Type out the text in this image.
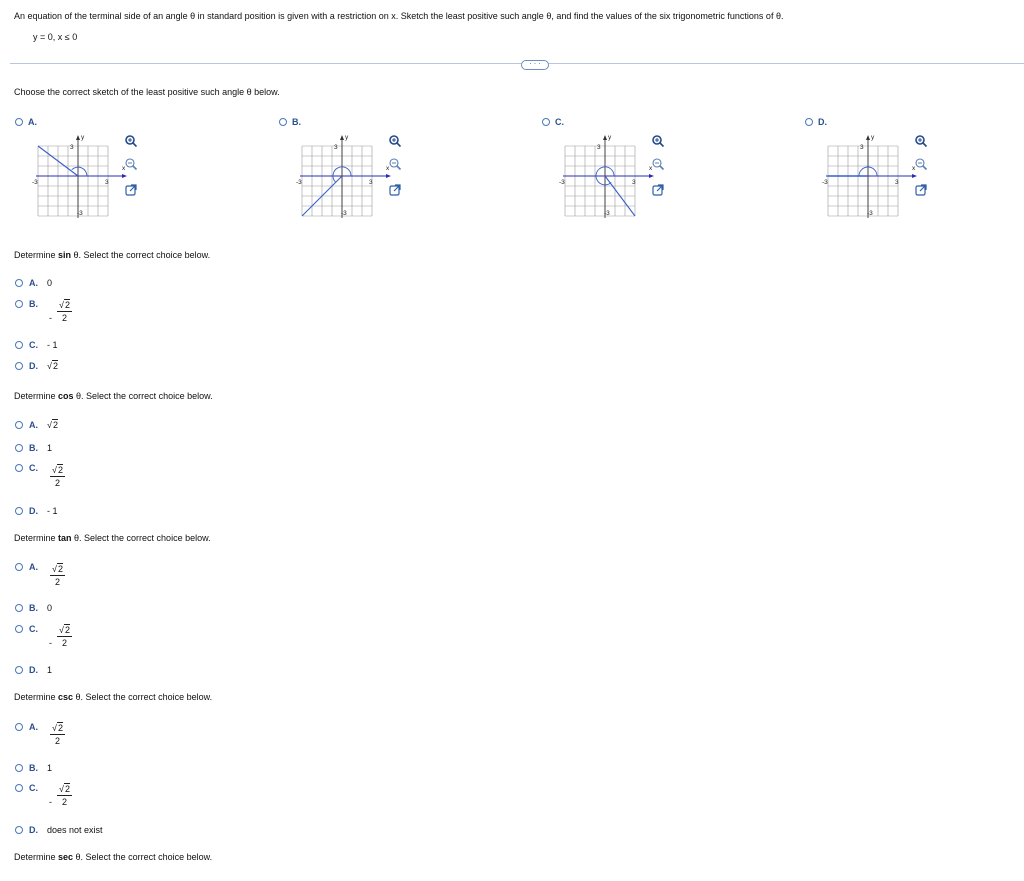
An equation of the terminal side of an angle θ in standard position is given with a restriction on x. Sketch the least positive such angle θ, and find the values of the six trigonometric functions of θ.
y = 0, x ≤ 0
· · ·
Choose the correct sketch of the least positive such angle θ below.
A.	B.	C.	D.
y
x
3
3
-3
-3
y
x
3
3
-3
-3
y
x
3
3
-3
-3
y
x
3
3
-3
-3
Determine sin θ. Select the correct choice below.
A. 0
B.
- $\frac{√2}{2}$
C. - 1
D. √2
Determine cos θ. Select the correct choice below.
A. √2
B. 1
C. $\frac{√2}{2}$
D. - 1
Determine tan θ. Select the correct choice below.
A. $\frac{√2}{2}$
B. 0
C.
- $\frac{√2}{2}$
D. 1
Determine csc θ. Select the correct choice below.
A. $\frac{√2}{2}$
B. 1
C.
- $\frac{√2}{2}$
D. does not exist
Determine sec θ. Select the correct choice below.
